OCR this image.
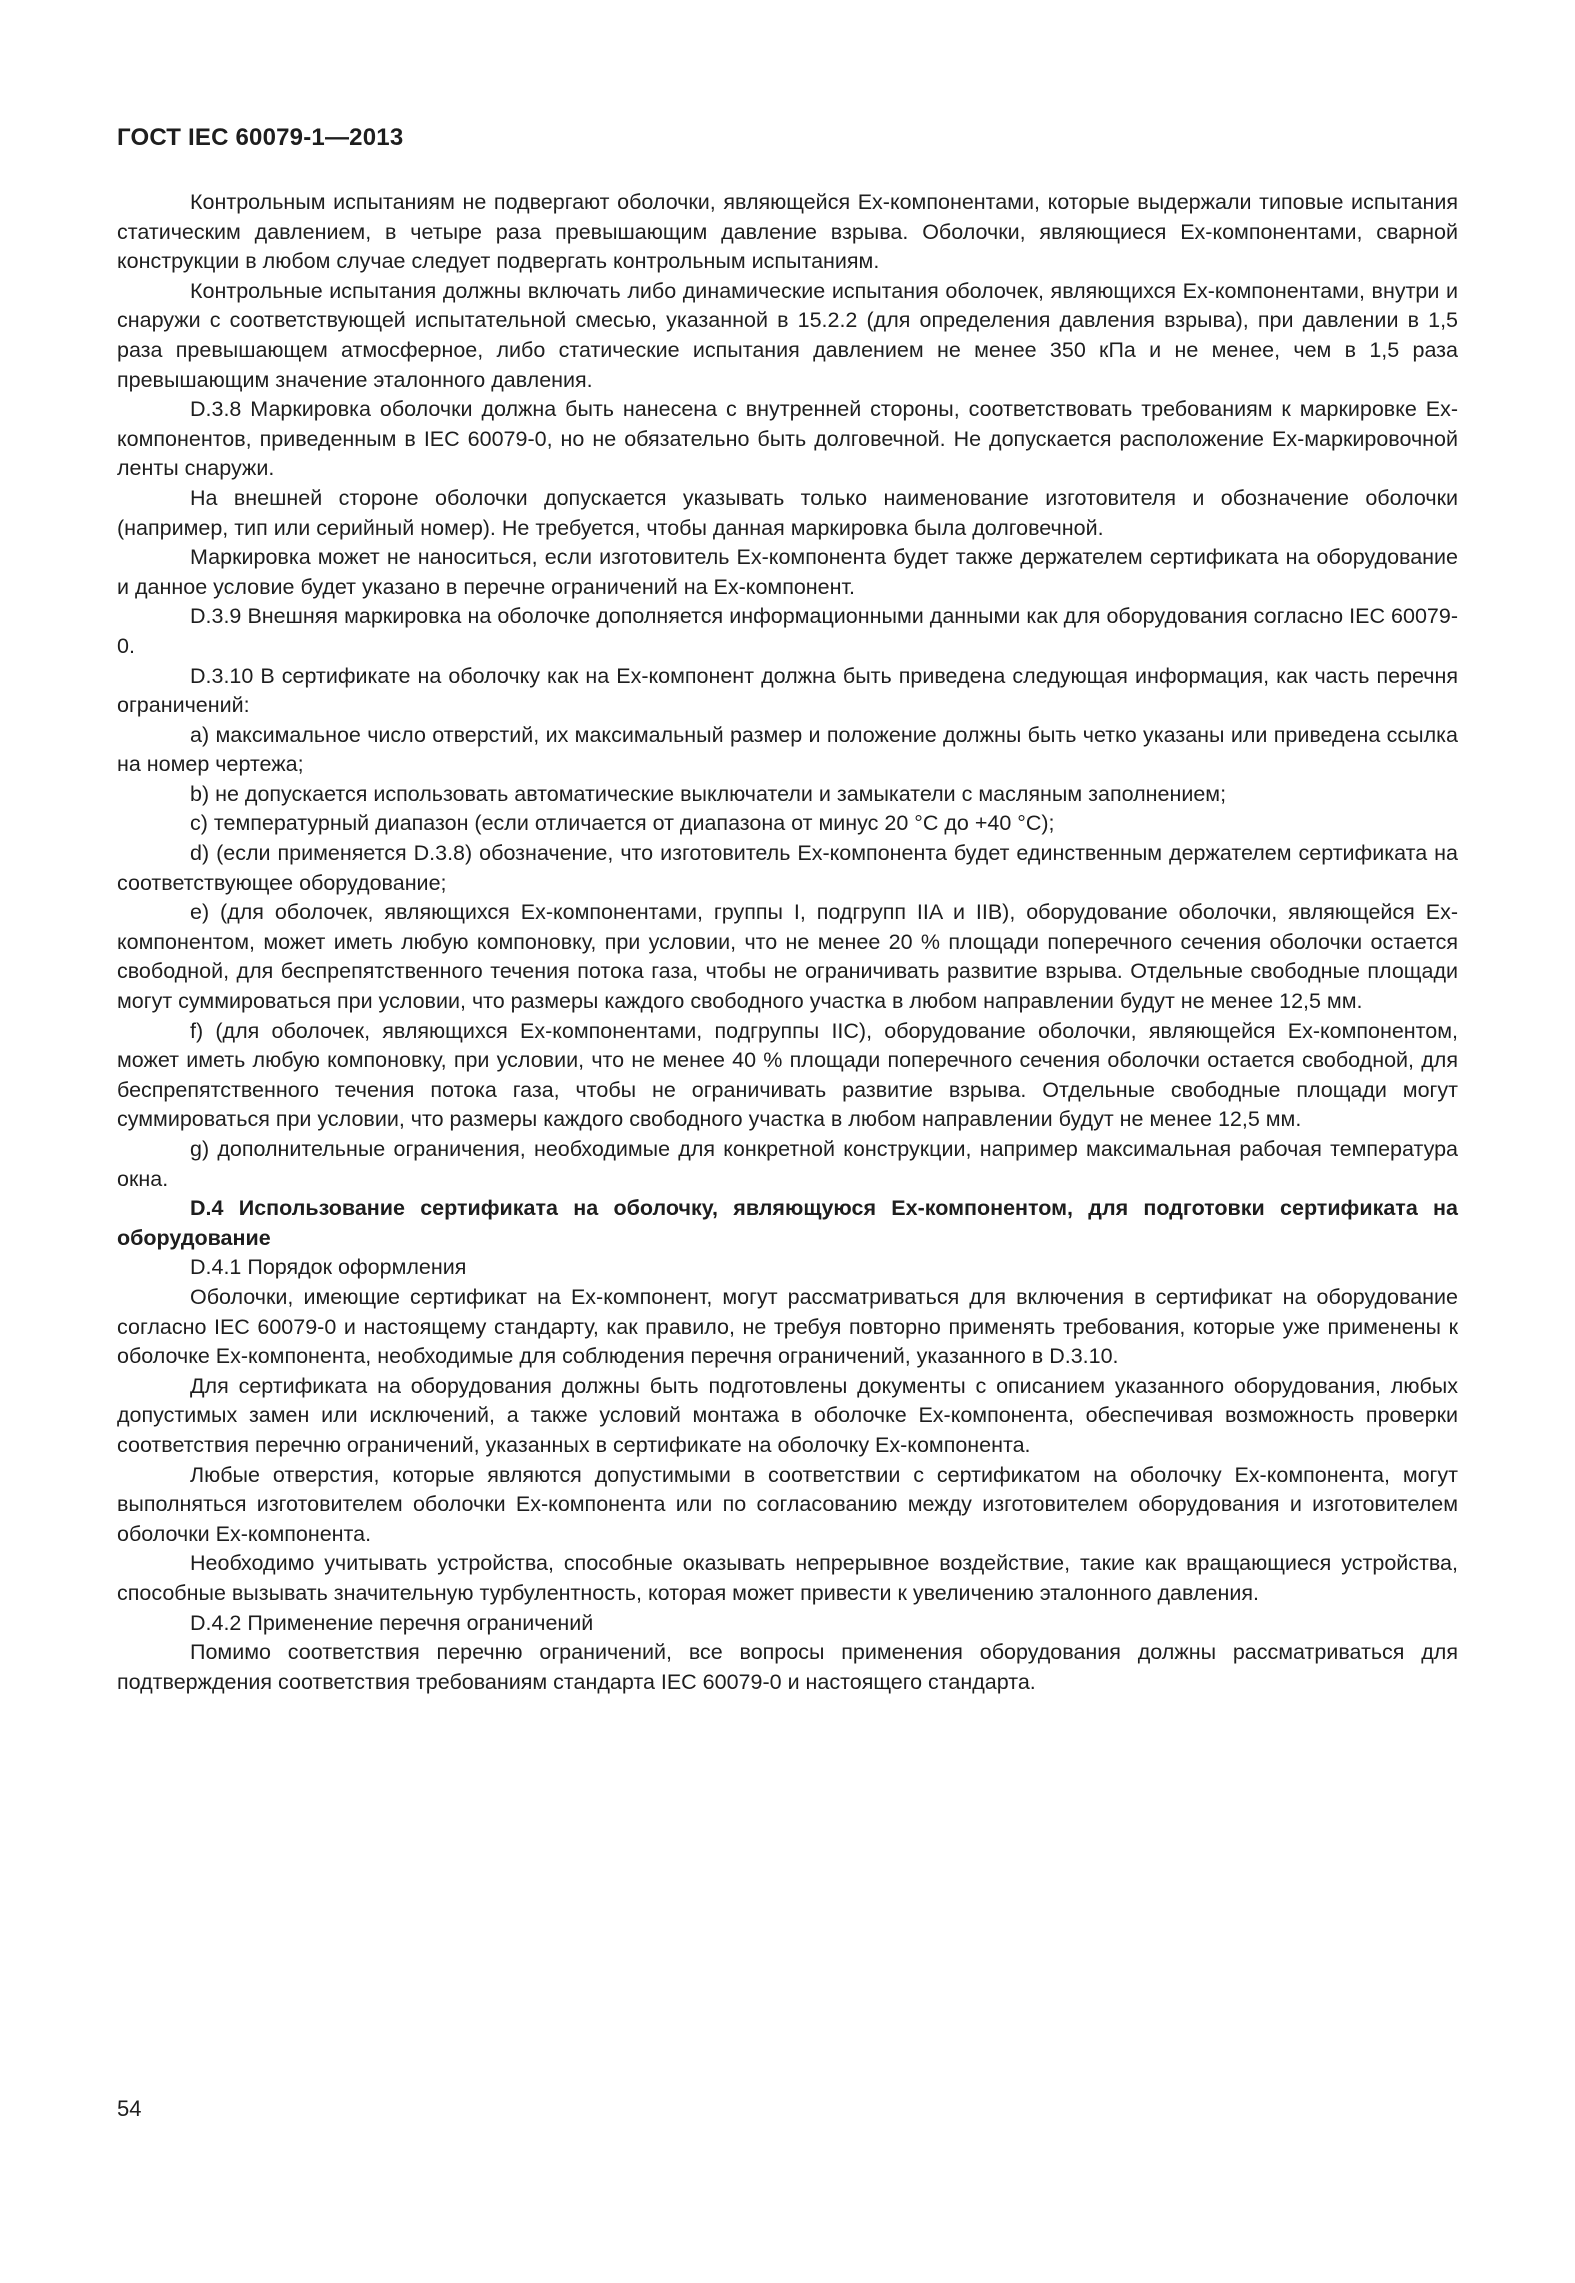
ГОСТ IEC 60079-1—2013

Контрольным испытаниям не подвергают оболочки, являющейся Ex-компонентами, которые выдержали типовые испытания статическим давлением, в четыре раза превышающим давление взрыва. Оболочки, являющиеся Ex-компонентами, сварной конструкции в любом случае следует подвергать контрольным испытаниям.

Контрольные испытания должны включать либо динамические испытания оболочек, являющихся Ex-компонентами, внутри и снаружи с соответствующей испытательной смесью, указанной в 15.2.2 (для определения давления взрыва), при давлении в 1,5 раза превышающем атмосферное, либо статические испытания давлением не менее 350 кПа и не менее, чем в 1,5 раза превышающим значение эталонного давления.

D.3.8 Маркировка оболочки должна быть нанесена с внутренней стороны, соответствовать требованиям к маркировке Ex-компонентов, приведенным в IEC 60079-0, но не обязательно быть долговечной. Не допускается расположение Ex-маркировочной ленты снаружи.

На внешней стороне оболочки допускается указывать только наименование изготовителя и обозначение оболочки (например, тип или серийный номер). Не требуется, чтобы данная маркировка была долговечной.

Маркировка может не наноситься, если изготовитель Ex-компонента будет также держателем сертификата на оборудование и данное условие будет указано в перечне ограничений на Ex-компонент.

D.3.9 Внешняя маркировка на оболочке дополняется информационными данными как для оборудования согласно IEC 60079-0.

D.3.10 В сертификате на оболочку как на Ex-компонент должна быть приведена следующая информация, как часть перечня ограничений:

a) максимальное число отверстий, их максимальный размер и положение должны быть четко указаны или приведена ссылка на номер чертежа;

b) не допускается использовать автоматические выключатели и замыкатели с масляным заполнением;

c) температурный диапазон (если отличается от диапазона от минус 20 °С до +40 °С);

d) (если применяется D.3.8) обозначение, что изготовитель Ex-компонента будет единственным держателем сертификата на соответствующее оборудование;

e) (для оболочек, являющихся Ex-компонентами, группы I, подгрупп IIA и IIB), оборудование оболочки, являющейся Ex-компонентом, может иметь любую компоновку, при условии, что не менее 20 % площади поперечного сечения оболочки остается свободной, для беспрепятственного течения потока газа, чтобы не ограничивать развитие взрыва. Отдельные свободные площади могут суммироваться при условии, что размеры каждого свободного участка в любом направлении будут не менее 12,5 мм.

f) (для оболочек, являющихся Ex-компонентами, подгруппы IIC), оборудование оболочки, являющейся Ex-компонентом, может иметь любую компоновку, при условии, что не менее 40 % площади поперечного сечения оболочки остается свободной, для беспрепятственного течения потока газа, чтобы не ограничивать развитие взрыва. Отдельные свободные площади могут суммироваться при условии, что размеры каждого свободного участка в любом направлении будут не менее 12,5 мм.

g) дополнительные ограничения, необходимые для конкретной конструкции, например максимальная рабочая температура окна.

D.4 Использование сертификата на оболочку, являющуюся Ex-компонентом, для подготовки сертификата на оборудование

D.4.1 Порядок оформления

Оболочки, имеющие сертификат на Ex-компонент, могут рассматриваться для включения в сертификат на оборудование согласно IEC 60079-0 и настоящему стандарту, как правило, не требуя повторно применять требования, которые уже применены к оболочке Ex-компонента, необходимые для соблюдения перечня ограничений, указанного в D.3.10.

Для сертификата на оборудования должны быть подготовлены документы с описанием указанного оборудования, любых допустимых замен или исключений, а также условий монтажа в оболочке Ex-компонента, обеспечивая возможность проверки соответствия перечню ограничений, указанных в сертификате на оболочку Ex-компонента.

Любые отверстия, которые являются допустимыми в соответствии с сертификатом на оболочку Ex-компонента, могут выполняться изготовителем оболочки Ex-компонента или по согласованию между изготовителем оборудования и изготовителем оболочки Ex-компонента.

Необходимо учитывать устройства, способные оказывать непрерывное воздействие, такие как вращающиеся устройства, способные вызывать значительную турбулентность, которая может привести к увеличению эталонного давления.

D.4.2 Применение перечня ограничений

Помимо соответствия перечню ограничений, все вопросы применения оборудования должны рассматриваться для подтверждения соответствия требованиям стандарта IEC 60079-0 и настоящего стандарта.

54
